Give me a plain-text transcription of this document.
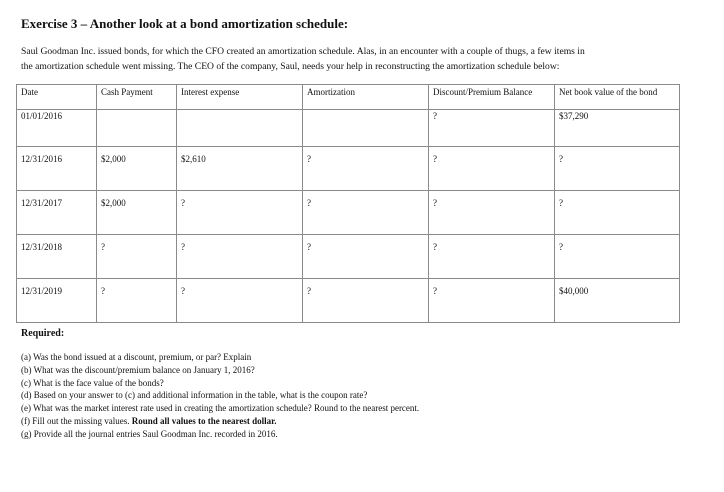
Exercise 3 – Another look at a bond amortization schedule:

Saul Goodman Inc. issued bonds, for which the CFO created an amortization schedule. Alas, in an encounter with a couple of thugs, a few items in

the amortization schedule went missing. The CEO of the company, Saul, needs your help in reconstructing the amortization schedule below:

Date	Cash Payment	Interest expense	Amortization	Discount/Premium Balance	Net book value of the bond
01/01/2016				?	$37,290
12/31/2016	$2,000	$2,610	?	?	?
12/31/2017	$2,000	?	?	?	?
12/31/2018	?	?	?	?	?
12/31/2019	?	?	?	?	$40,000
Required:
(a) Was the bond issued at a discount, premium, or par? Explain
(b) What was the discount/premium balance on January 1, 2016?
(c) What is the face value of the bonds?
(d) Based on your answer to (c) and additional information in the table, what is the coupon rate?
(e) What was the market interest rate used in creating the amortization schedule? Round to the nearest percent.
(f) Fill out the missing values. Round all values to the nearest dollar.
(g) Provide all the journal entries Saul Goodman Inc. recorded in 2016.
